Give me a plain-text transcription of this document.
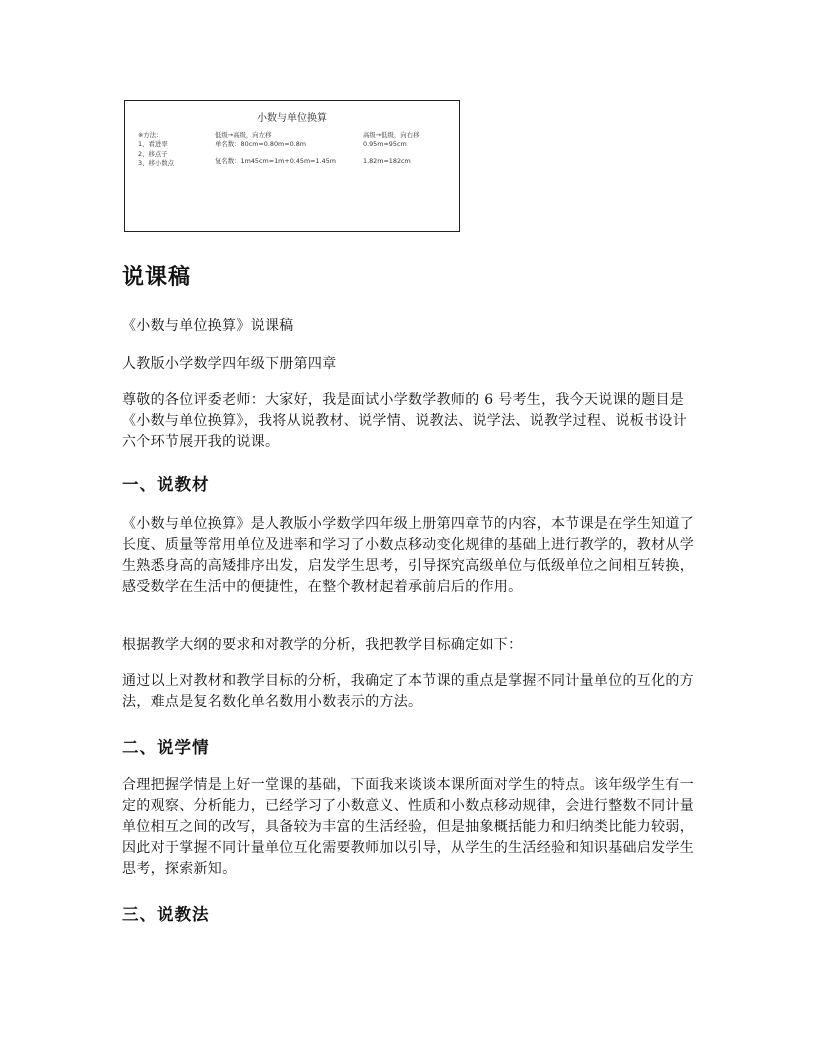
小数与单位换算
※方法：
1、看进率
2、移点子
3、移小数点
低级→高级，向左移
单名数：80cm=0.80m=0.8m
复名数：1m45cm=1m+0.45m=1.45m
高级→低级，向右移
0.95m=95cm
1.82m=182cm
说课稿

《小数与单位换算》说课稿

人教版小学数学四年级下册第四章

尊敬的各位评委老师：大家好，我是面试小学数学教师的 6 号考生，我今天说课的题目是《小数与单位换算》，我将从说教材、说学情、说教法、说学法、说教学过程、说板书设计六个环节展开我的说课。

一、说教材

《小数与单位换算》是人教版小学数学四年级上册第四章节的内容，本节课是在学生知道了长度、质量等常用单位及进率和学习了小数点移动变化规律的基础上进行教学的，教材从学生熟悉身高的高矮排序出发，启发学生思考，引导探究高级单位与低级单位之间相互转换，感受数学在生活中的便捷性，在整个教材起着承前启后的作用。

根据教学大纲的要求和对教学的分析，我把教学目标确定如下：

通过以上对教材和教学目标的分析，我确定了本节课的重点是掌握不同计量单位的互化的方法，难点是复名数化单名数用小数表示的方法。

二、说学情

合理把握学情是上好一堂课的基础，下面我来谈谈本课所面对学生的特点。该年级学生有一定的观察、分析能力，已经学习了小数意义、性质和小数点移动规律，会进行整数不同计量单位相互之间的改写，具备较为丰富的生活经验，但是抽象概括能力和归纳类比能力较弱，因此对于掌握不同计量单位互化需要教师加以引导，从学生的生活经验和知识基础启发学生思考，探索新知。

三、说教法
